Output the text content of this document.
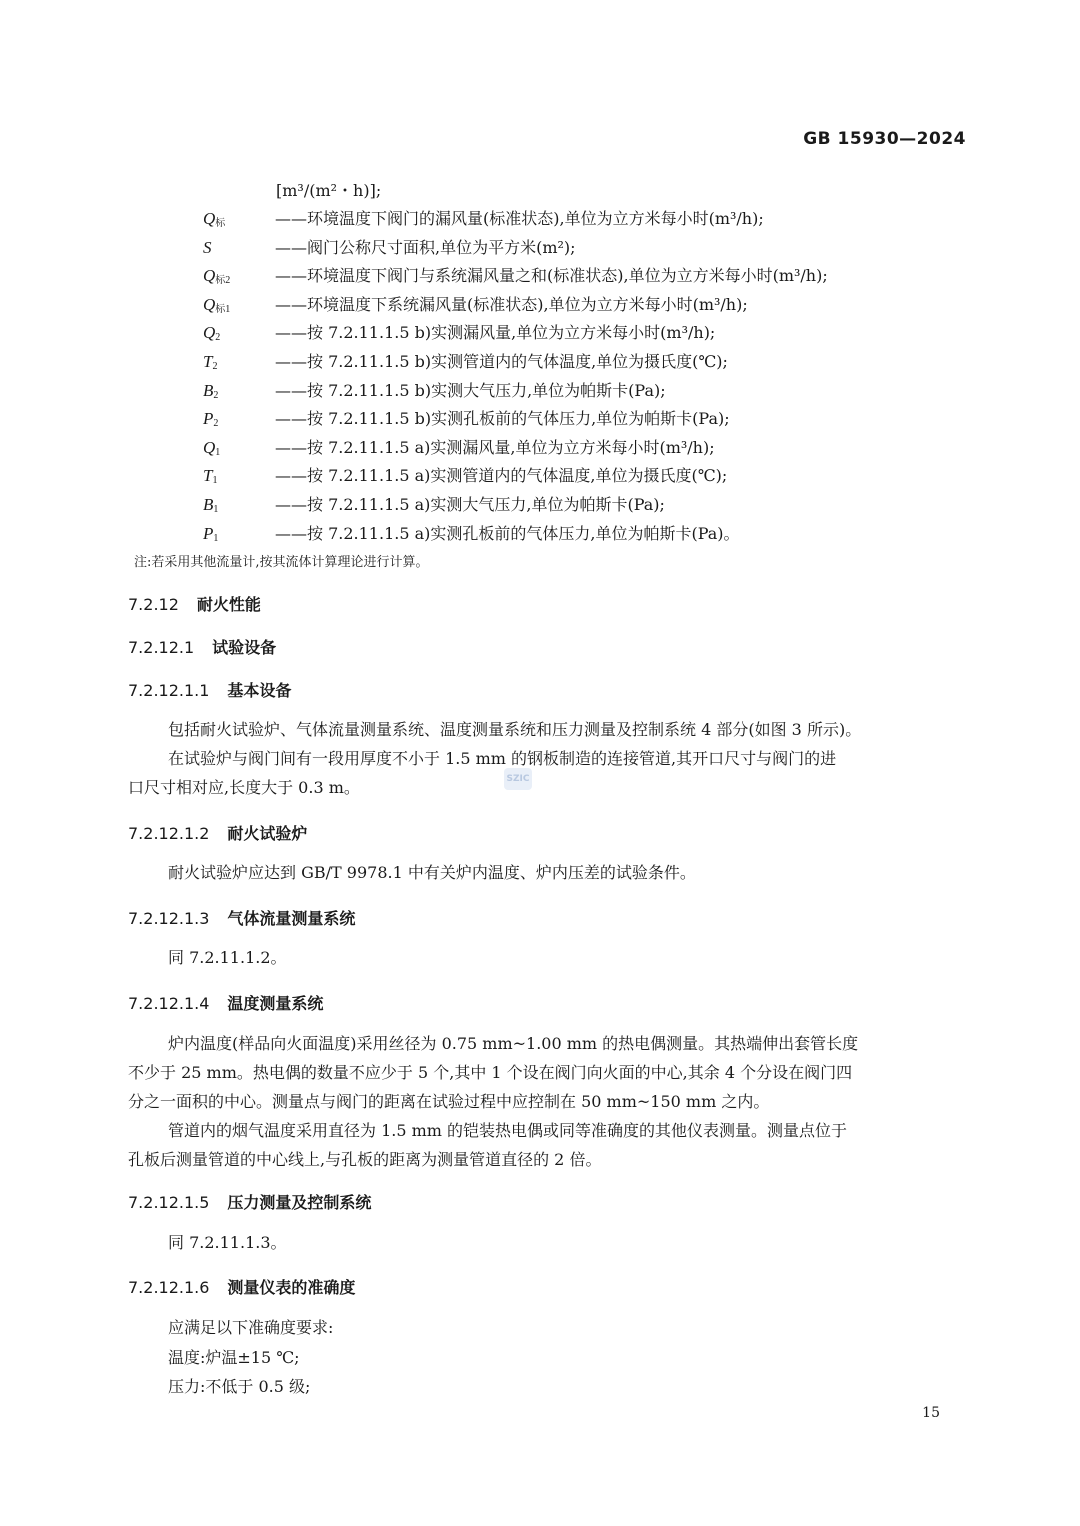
GB 15930—2024
[m³/(m²・h)];
$Q_标$	——环境温度下阀门的漏风量(标准状态),单位为立方米每小时(m³/h);
S	——阀门公称尺寸面积,单位为平方米(m²);
$Q_{标2}$	——环境温度下阀门与系统漏风量之和(标准状态),单位为立方米每小时(m³/h);
$Q_{标1}$	——环境温度下系统漏风量(标准状态),单位为立方米每小时(m³/h);
$Q_2$	——按 7.2.11.1.5 b)实测漏风量,单位为立方米每小时(m³/h);
$T_2$	——按 7.2.11.1.5 b)实测管道内的气体温度,单位为摄氏度(℃);
$B_2$	——按 7.2.11.1.5 b)实测大气压力,单位为帕斯卡(Pa);
$P_2$	——按 7.2.11.1.5 b)实测孔板前的气体压力,单位为帕斯卡(Pa);
$Q_1$	——按 7.2.11.1.5 a)实测漏风量,单位为立方米每小时(m³/h);
$T_1$	——按 7.2.11.1.5 a)实测管道内的气体温度,单位为摄氏度(℃);
$B_1$	——按 7.2.11.1.5 a)实测大气压力,单位为帕斯卡(Pa);
$P_1$	——按 7.2.11.1.5 a)实测孔板前的气体压力,单位为帕斯卡(Pa)。
注:若采用其他流量计,按其流体计算理论进行计算。
7.2.12 耐火性能
7.2.12.1 试验设备
7.2.12.1.1 基本设备
包括耐火试验炉、气体流量测量系统、温度测量系统和压力测量及控制系统 4 部分(如图 3 所示)。
在试验炉与阀门间有一段用厚度不小于 1.5 mm 的钢板制造的连接管道,其开口尺寸与阀门的进
口尺寸相对应,长度大于 0.3 m。	SZIC
7.2.12.1.2 耐火试验炉
耐火试验炉应达到 GB/T 9978.1 中有关炉内温度、炉内压差的试验条件。
7.2.12.1.3 气体流量测量系统
同 7.2.11.1.2。
7.2.12.1.4 温度测量系统
炉内温度(样品向火面温度)采用丝径为 0.75 mm~1.00 mm 的热电偶测量。其热端伸出套管长度
不少于 25 mm。热电偶的数量不应少于 5 个,其中 1 个设在阀门向火面的中心,其余 4 个分设在阀门四
分之一面积的中心。测量点与阀门的距离在试验过程中应控制在 50 mm~150 mm 之内。
管道内的烟气温度采用直径为 1.5 mm 的铠装热电偶或同等准确度的其他仪表测量。测量点位于
孔板后测量管道的中心线上,与孔板的距离为测量管道直径的 2 倍。
7.2.12.1.5 压力测量及控制系统
同 7.2.11.1.3。
7.2.12.1.6 测量仪表的准确度
应满足以下准确度要求:
温度:炉温±15 ℃;
压力:不低于 0.5 级;
15
